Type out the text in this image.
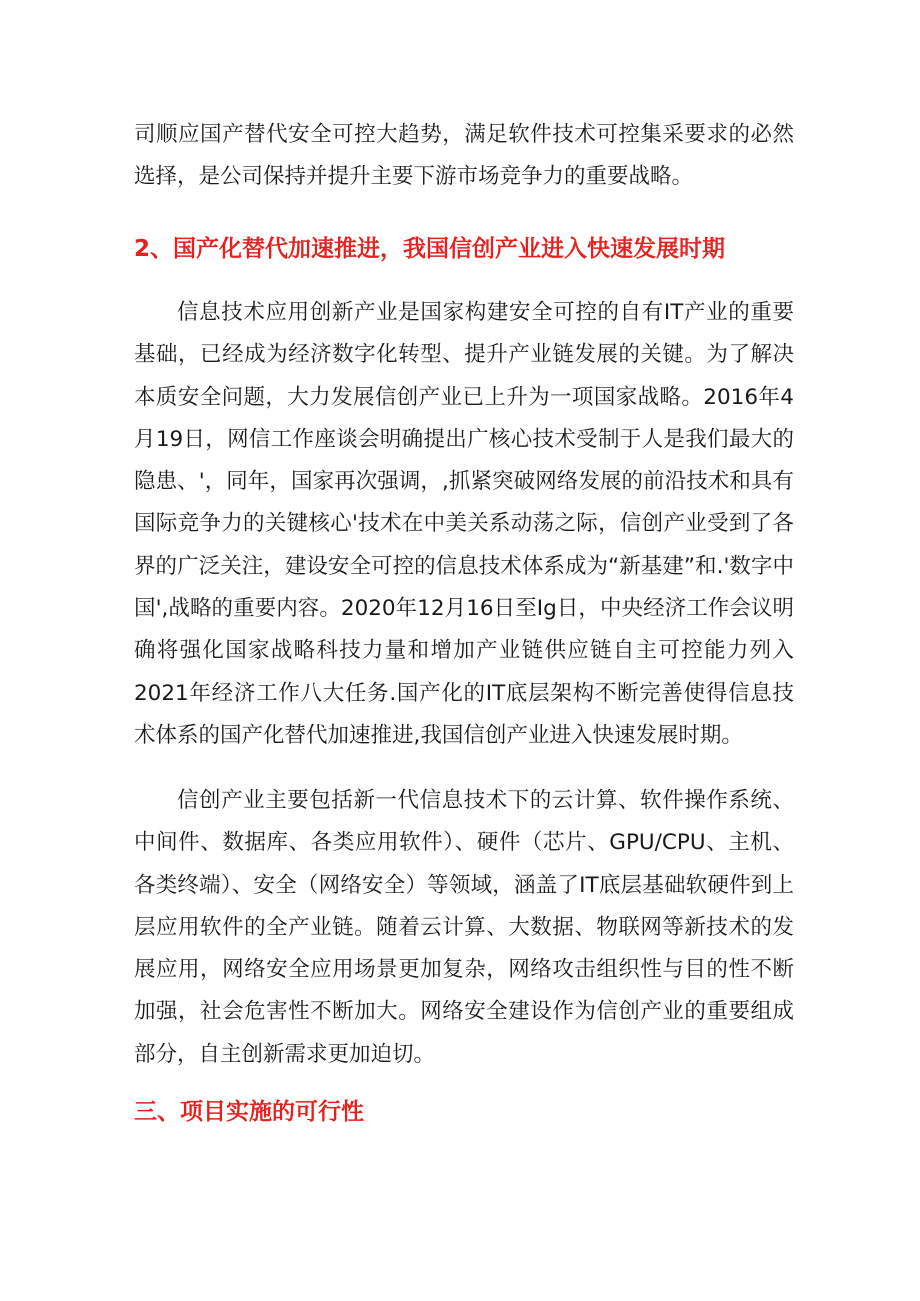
司顺应国产替代安全可控大趋势，满足软件技术可控集采要求的必然选择，是公司保持并提升主要下游市场竞争力的重要战略。

2、国产化替代加速推进，我国信创产业进入快速发展时期

信息技术应用创新产业是国家构建安全可控的自有IT产业的重要基础，已经成为经济数字化转型、提升产业链发展的关键。为了解决本质安全问题，大力发展信创产业已上升为一项国家战略。2016年4月19日，网信工作座谈会明确提出广核心技术受制于人是我们最大的隐患、'，同年，国家再次强调，,抓紧突破网络发展的前沿技术和具有国际竞争力的关键核心'技术在中美关系动荡之际，信创产业受到了各界的广泛关注，建设安全可控的信息技术体系成为“新基建”和.'数字中国',战略的重要内容。2020年12月16日至Ig日，中央经济工作会议明确将强化国家战略科技力量和增加产业链供应链自主可控能力列入2021年经济工作八大任务.国产化的IT底层架构不断完善使得信息技术体系的国产化替代加速推进,我国信创产业进入快速发展时期。

信创产业主要包括新一代信息技术下的云计算、软件操作系统、中间件、数据库、各类应用软件）、硬件（芯片、GPU/CPU、主机、各类终端）、安全（网络安全）等领域，涵盖了IT底层基础软硬件到上层应用软件的全产业链。随着云计算、大数据、物联网等新技术的发展应用，网络安全应用场景更加复杂，网络攻击组织性与目的性不断加强，社会危害性不断加大。网络安全建设作为信创产业的重要组成部分，自主创新需求更加迫切。

三、项目实施的可行性
